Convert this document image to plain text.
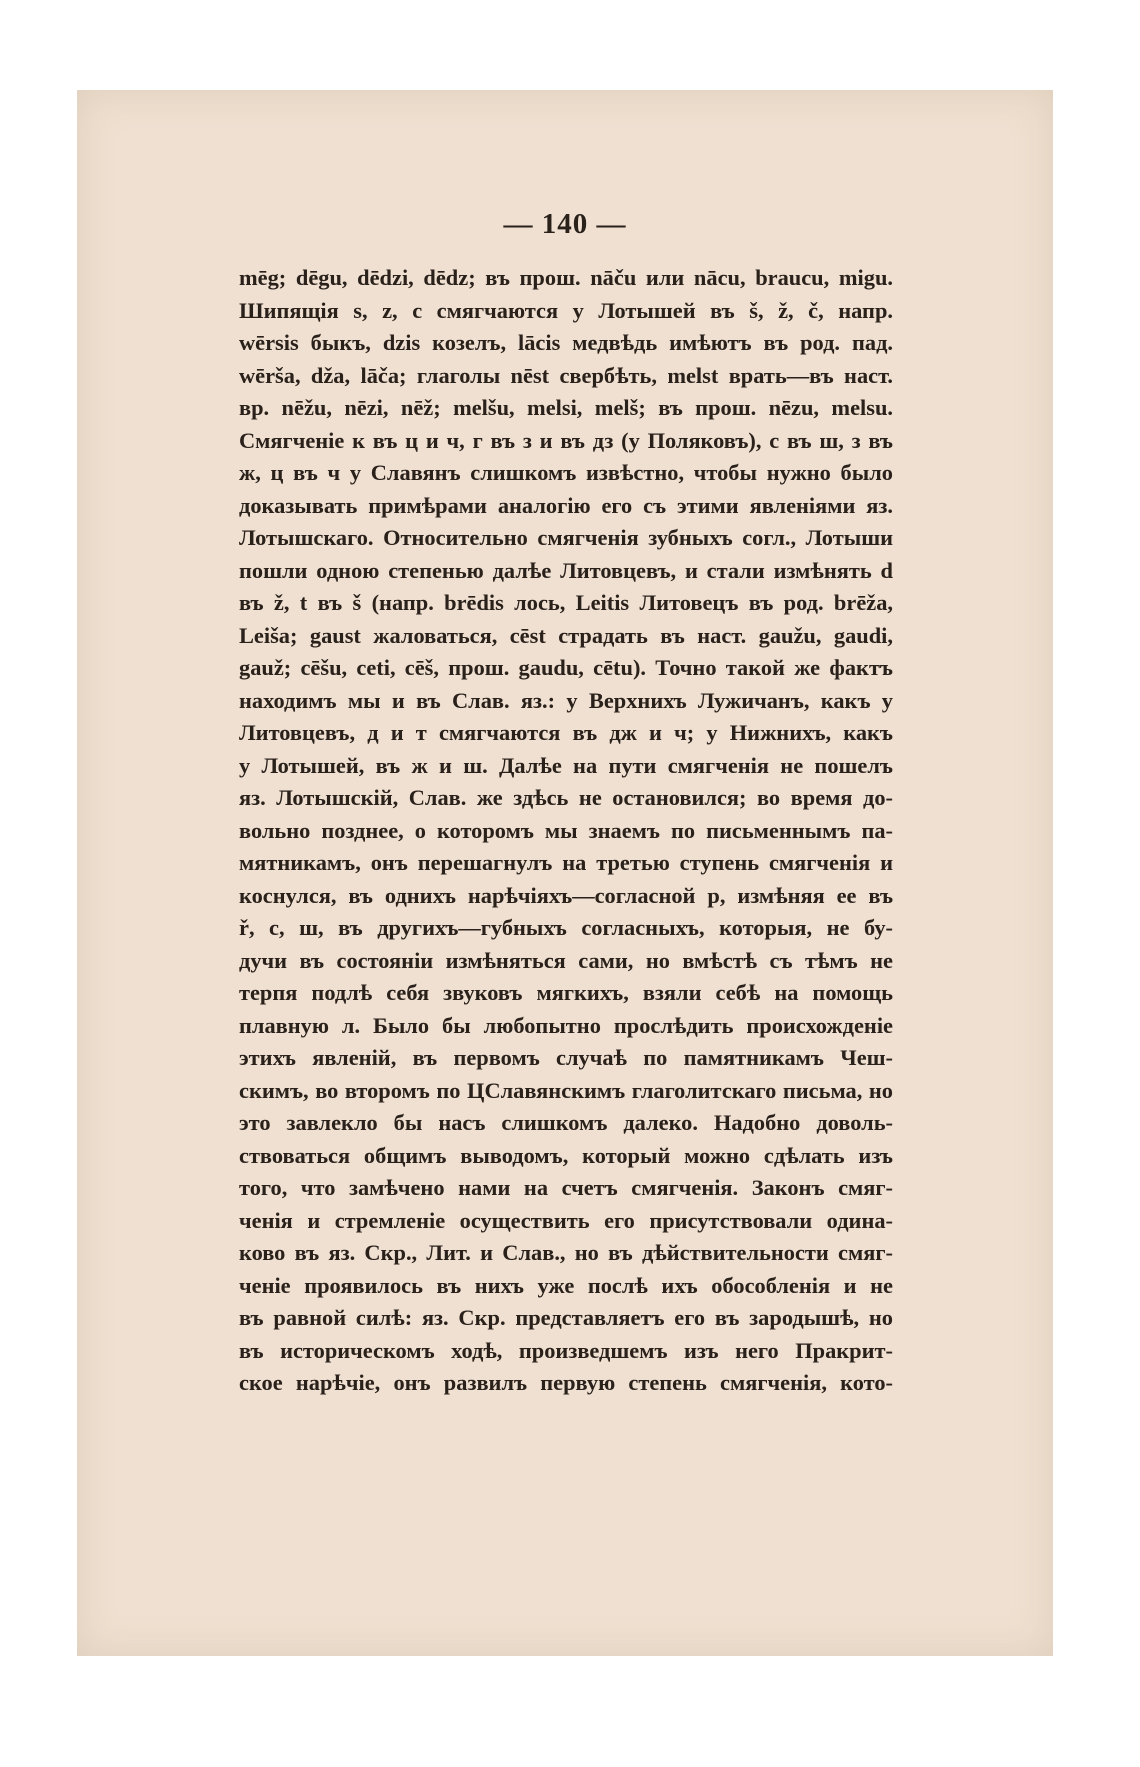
— 140 —
mēg; dēgu, dēdzi, dēdz; въ прош. nāču или nāсu, brauсu, migu.
Шипящія s, z, c смягчаются у Лотышей въ š, ž, č, напр.
wērsis быкъ, dzis козелъ, lācis медвѣдь имѣютъ въ род. пад.
wērša, dža, lāča; глаголы nēst свербѣть, melst врать—въ наст.
вр. nēžu, nēzi, nēž; melšu, melsi, melš; въ прош. nēzu, melsu.
Смягченіе к въ ц и ч, г въ з и въ дз (у Поляковъ), с въ ш, з въ
ж, ц въ ч у Славянъ слишкомъ извѣстно, чтобы нужно было
доказывать примѣрами аналогію его съ этими явленіями яз.
Лотышскаго. Относительно смягченія зубныхъ согл., Лотыши
пошли одною степенью далѣе Литовцевъ, и стали измѣнять d
въ ž, t въ š (напр. brēdis лось, Leitis Литовецъ въ род. brēža,
Leiša; gaust жаловаться, cēst страдать въ наст. gaužu, gaudi,
gauž; cēšu, ceti, cēš, прош. gaudu, cētu). Точно такой же фактъ
находимъ мы и въ Слав. яз.: у Верхнихъ Лужичанъ, какъ у
Литовцевъ, д и т смягчаются въ дж и ч; у Нижнихъ, какъ
у Лотышей, въ ж и ш. Далѣе на пути смягченія не пошелъ
яз. Лотышскій, Слав. же здѣсь не остановился; во время до-
вольно позднее, о которомъ мы знаемъ по письменнымъ па-
мятникамъ, онъ перешагнулъ на третью ступень смягченія и
коснулся, въ однихъ нарѣчіяхъ—согласной р, измѣняя ее въ
ř, с, ш, въ другихъ—губныхъ согласныхъ, которыя, не бу-
дучи въ состояніи измѣняться сами, но вмѣстѣ съ тѣмъ не
терпя подлѣ себя звуковъ мягкихъ, взяли себѣ на помощь
плавную л. Было бы любопытно прослѣдить происхожденіе
этихъ явленій, въ первомъ случаѣ по памятникамъ Чеш-
скимъ, во второмъ по ЦСлавянскимъ глаголитскаго письма, но
это завлекло бы насъ слишкомъ далеко. Надобно доволь-
ствоваться общимъ выводомъ, который можно сдѣлать изъ
того, что замѣчено нами на счетъ смягченія. Законъ смяг-
ченія и стремленіе осуществить его присутствовали одина-
ково въ яз. Скр., Лит. и Слав., но въ дѣйствительности смяг-
ченіе проявилось въ нихъ уже послѣ ихъ обособленія и не
въ равной силѣ: яз. Скр. представляетъ его въ зародышѣ, но
въ историческомъ ходѣ, произведшемъ изъ него Пракрит-
ское нарѣчіе, онъ развилъ первую степень смягченія, кото-
